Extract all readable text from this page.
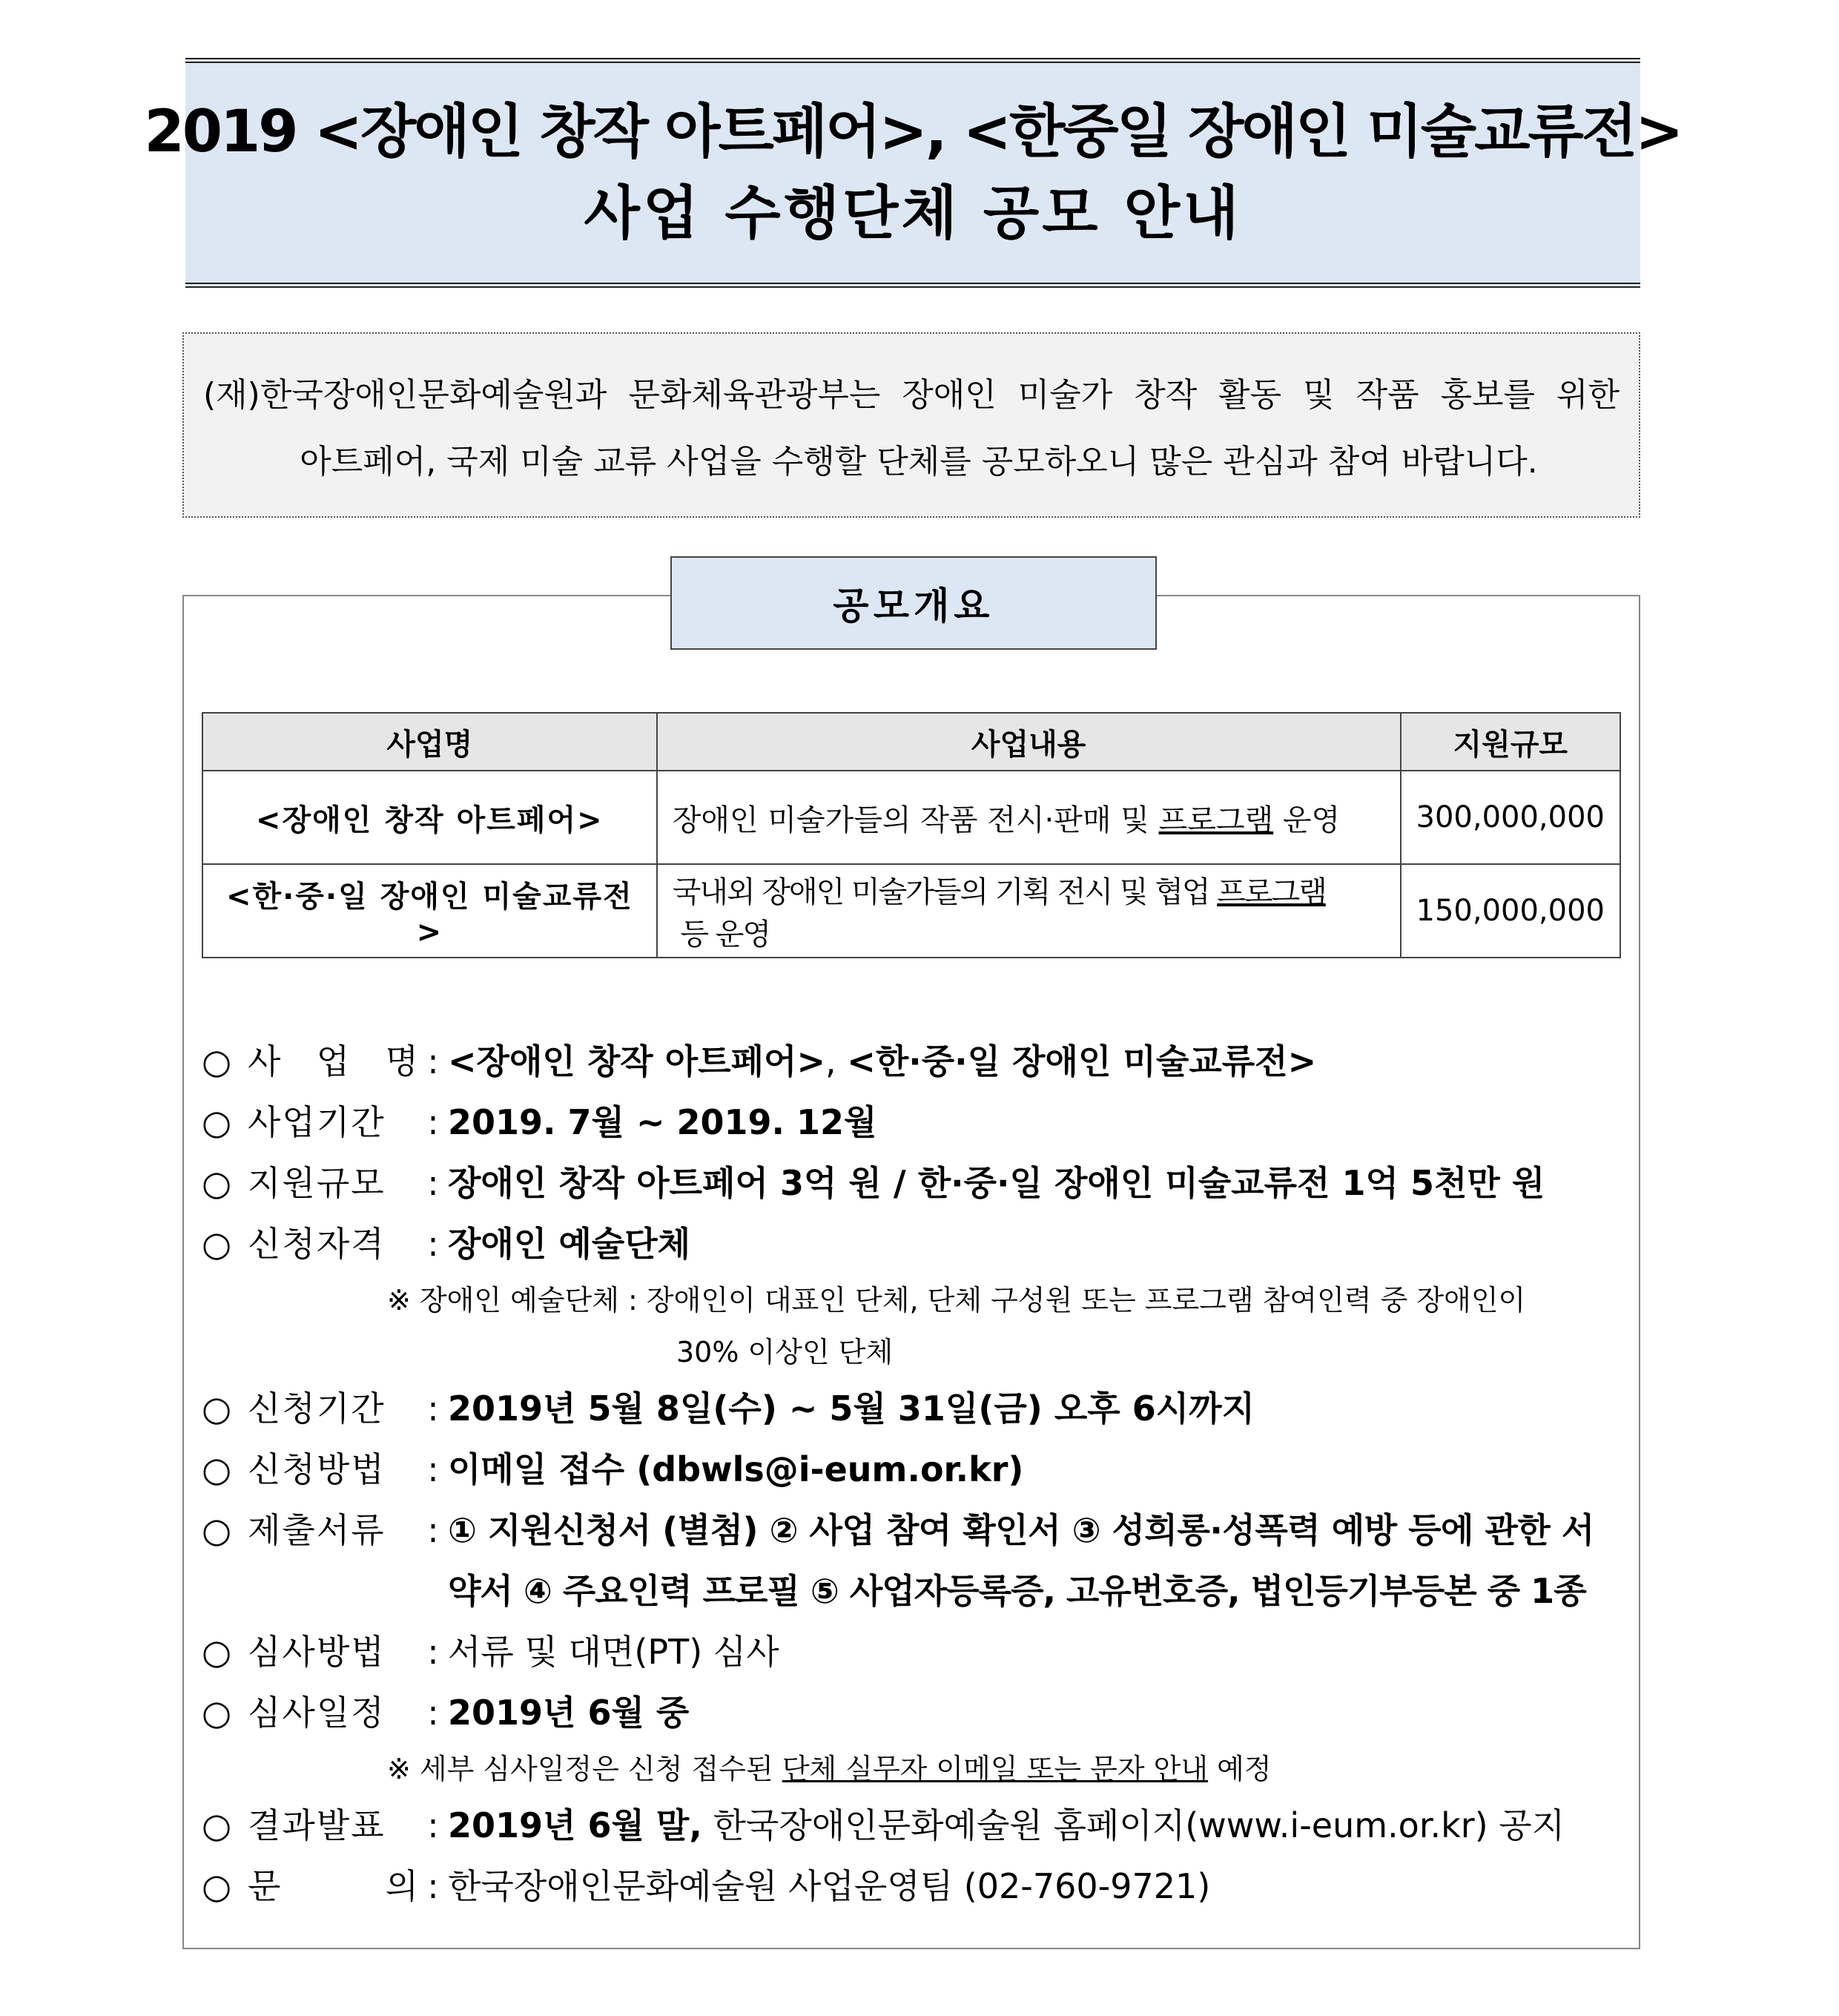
2019 <장애인 창작 아트페어>, <한중일 장애인 미술교류전>
사업 수행단체 공모 안내
(재)한국장애인문화예술원과 문화체육관광부는 장애인 미술가 창작 활동 및 작품 홍보를 위한
아트페어, 국제 미술 교류 사업을 수행할 단체를 공모하오니 많은 관심과 참여 바랍니다.
공모개요
사업명	사업내용	지원규모
<장애인 창작 아트페어>	장애인 미술가들의 작품 전시·판매 및 프로그램 운영	300,000,000
<한·중·일 장애인 미술교류전>	국내외 장애인 미술가들의 기획 전시 및 협업 프로그램 등 운영	150,000,000
○ 사 업 명 : <장애인 창작 아트페어>, <한·중·일 장애인 미술교류전>
○ 사업기간	: 2019. 7월 ~ 2019. 12월
○ 지원규모	: 장애인 창작 아트페어 3억 원 / 한·중·일 장애인 미술교류전 1억 5천만 원
○ 신청자격	: 장애인 예술단체
※ 장애인 예술단체 : 장애인이 대표인 단체, 단체 구성원 또는 프로그램 참여인력 중 장애인이
30% 이상인 단체
○ 신청기간	: 2019년 5월 8일(수) ~ 5월 31일(금) 오후 6시까지
○ 신청방법	: 이메일 접수 (dbwls@i-eum.or.kr)
○ 제출서류	: ① 지원신청서 (별첨) ② 사업 참여 확인서 ③ 성희롱·성폭력 예방 등에 관한 서
약서 ④ 주요인력 프로필 ⑤ 사업자등록증, 고유번호증, 법인등기부등본 중 1종
○ 심사방법	: 서류 및 대면(PT) 심사
○ 심사일정	: 2019년 6월 중
※ 세부 심사일정은 신청 접수된 단체 실무자 이메일 또는 문자 안내 예정
○ 결과발표	: 2019년 6월 말, 한국장애인문화예술원 홈페이지(www.i-eum.or.kr) 공지
○ 문	의 : 한국장애인문화예술원 사업운영팀 (02-760-9721)
